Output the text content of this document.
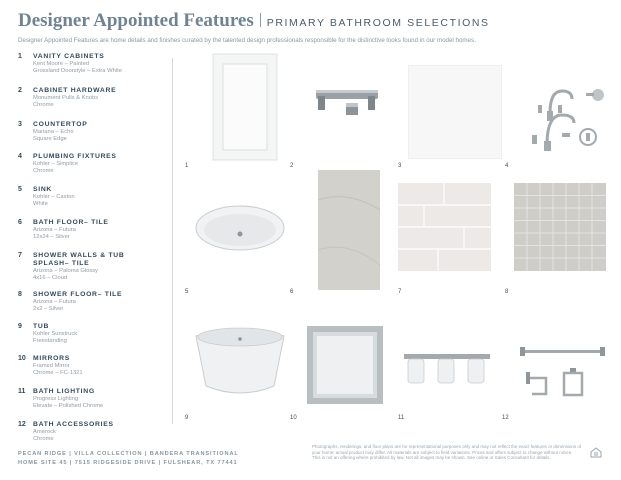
Designer Appointed Features PRIMARY BATHROOM SELECTIONS
Designer Appointed Features are home details and finishes curated by the talented design professionals responsible for the distinctive looks found in our model homes.
1 VANITY CABINETS
Kent Moore – Painted
Grossland Doorstyle – Extra White
2 CABINET HARDWARE
Monument Pulls & Knobs
Chrome
3 COUNTERTOP
Mariana – Echo
Square Edge
4 PLUMBING FIXTURES
Kohler – Simplice
Chrome
5 SINK
Kohler – Caxton
White
6 BATH FLOOR– TILE
Arizona – Futura
12x24 – Silver
7 SHOWER WALLS & TUB SPLASH– TILE
Arizona – Paloma Glossy
4x16 – Cloud
8 SHOWER FLOOR– TILE
Arizona – Futura
2x2 – Silver
9 TUB
Kohler Sunstruck
Freestanding
10 MIRRORS
Framed Mirror
Chrome – FC-1321
11 BATH LIGHTING
Progress Lighting
Elevate – Polished Chrome
12 BATH ACCESSORIES
Amerock
Chrome
1	2	3	4
5	6	7	8
9	10	11	12
PECAN RIDGE | VILLA COLLECTION | BANDERA TRANSITIONAL
HOME SITE 45 | 7515 RIDGESIDE DRIVE | FULSHEAR, TX 77441
Photographs, renderings, and floor plans are for representational purposes only and may not reflect the exact features or dimensions of your home; actual product may differ. All materials are subject to field variations. Prices and offers subject to change without notice. This is not an offering where prohibited by law. Not all images may be shown. See online or Sales Consultant for details.
